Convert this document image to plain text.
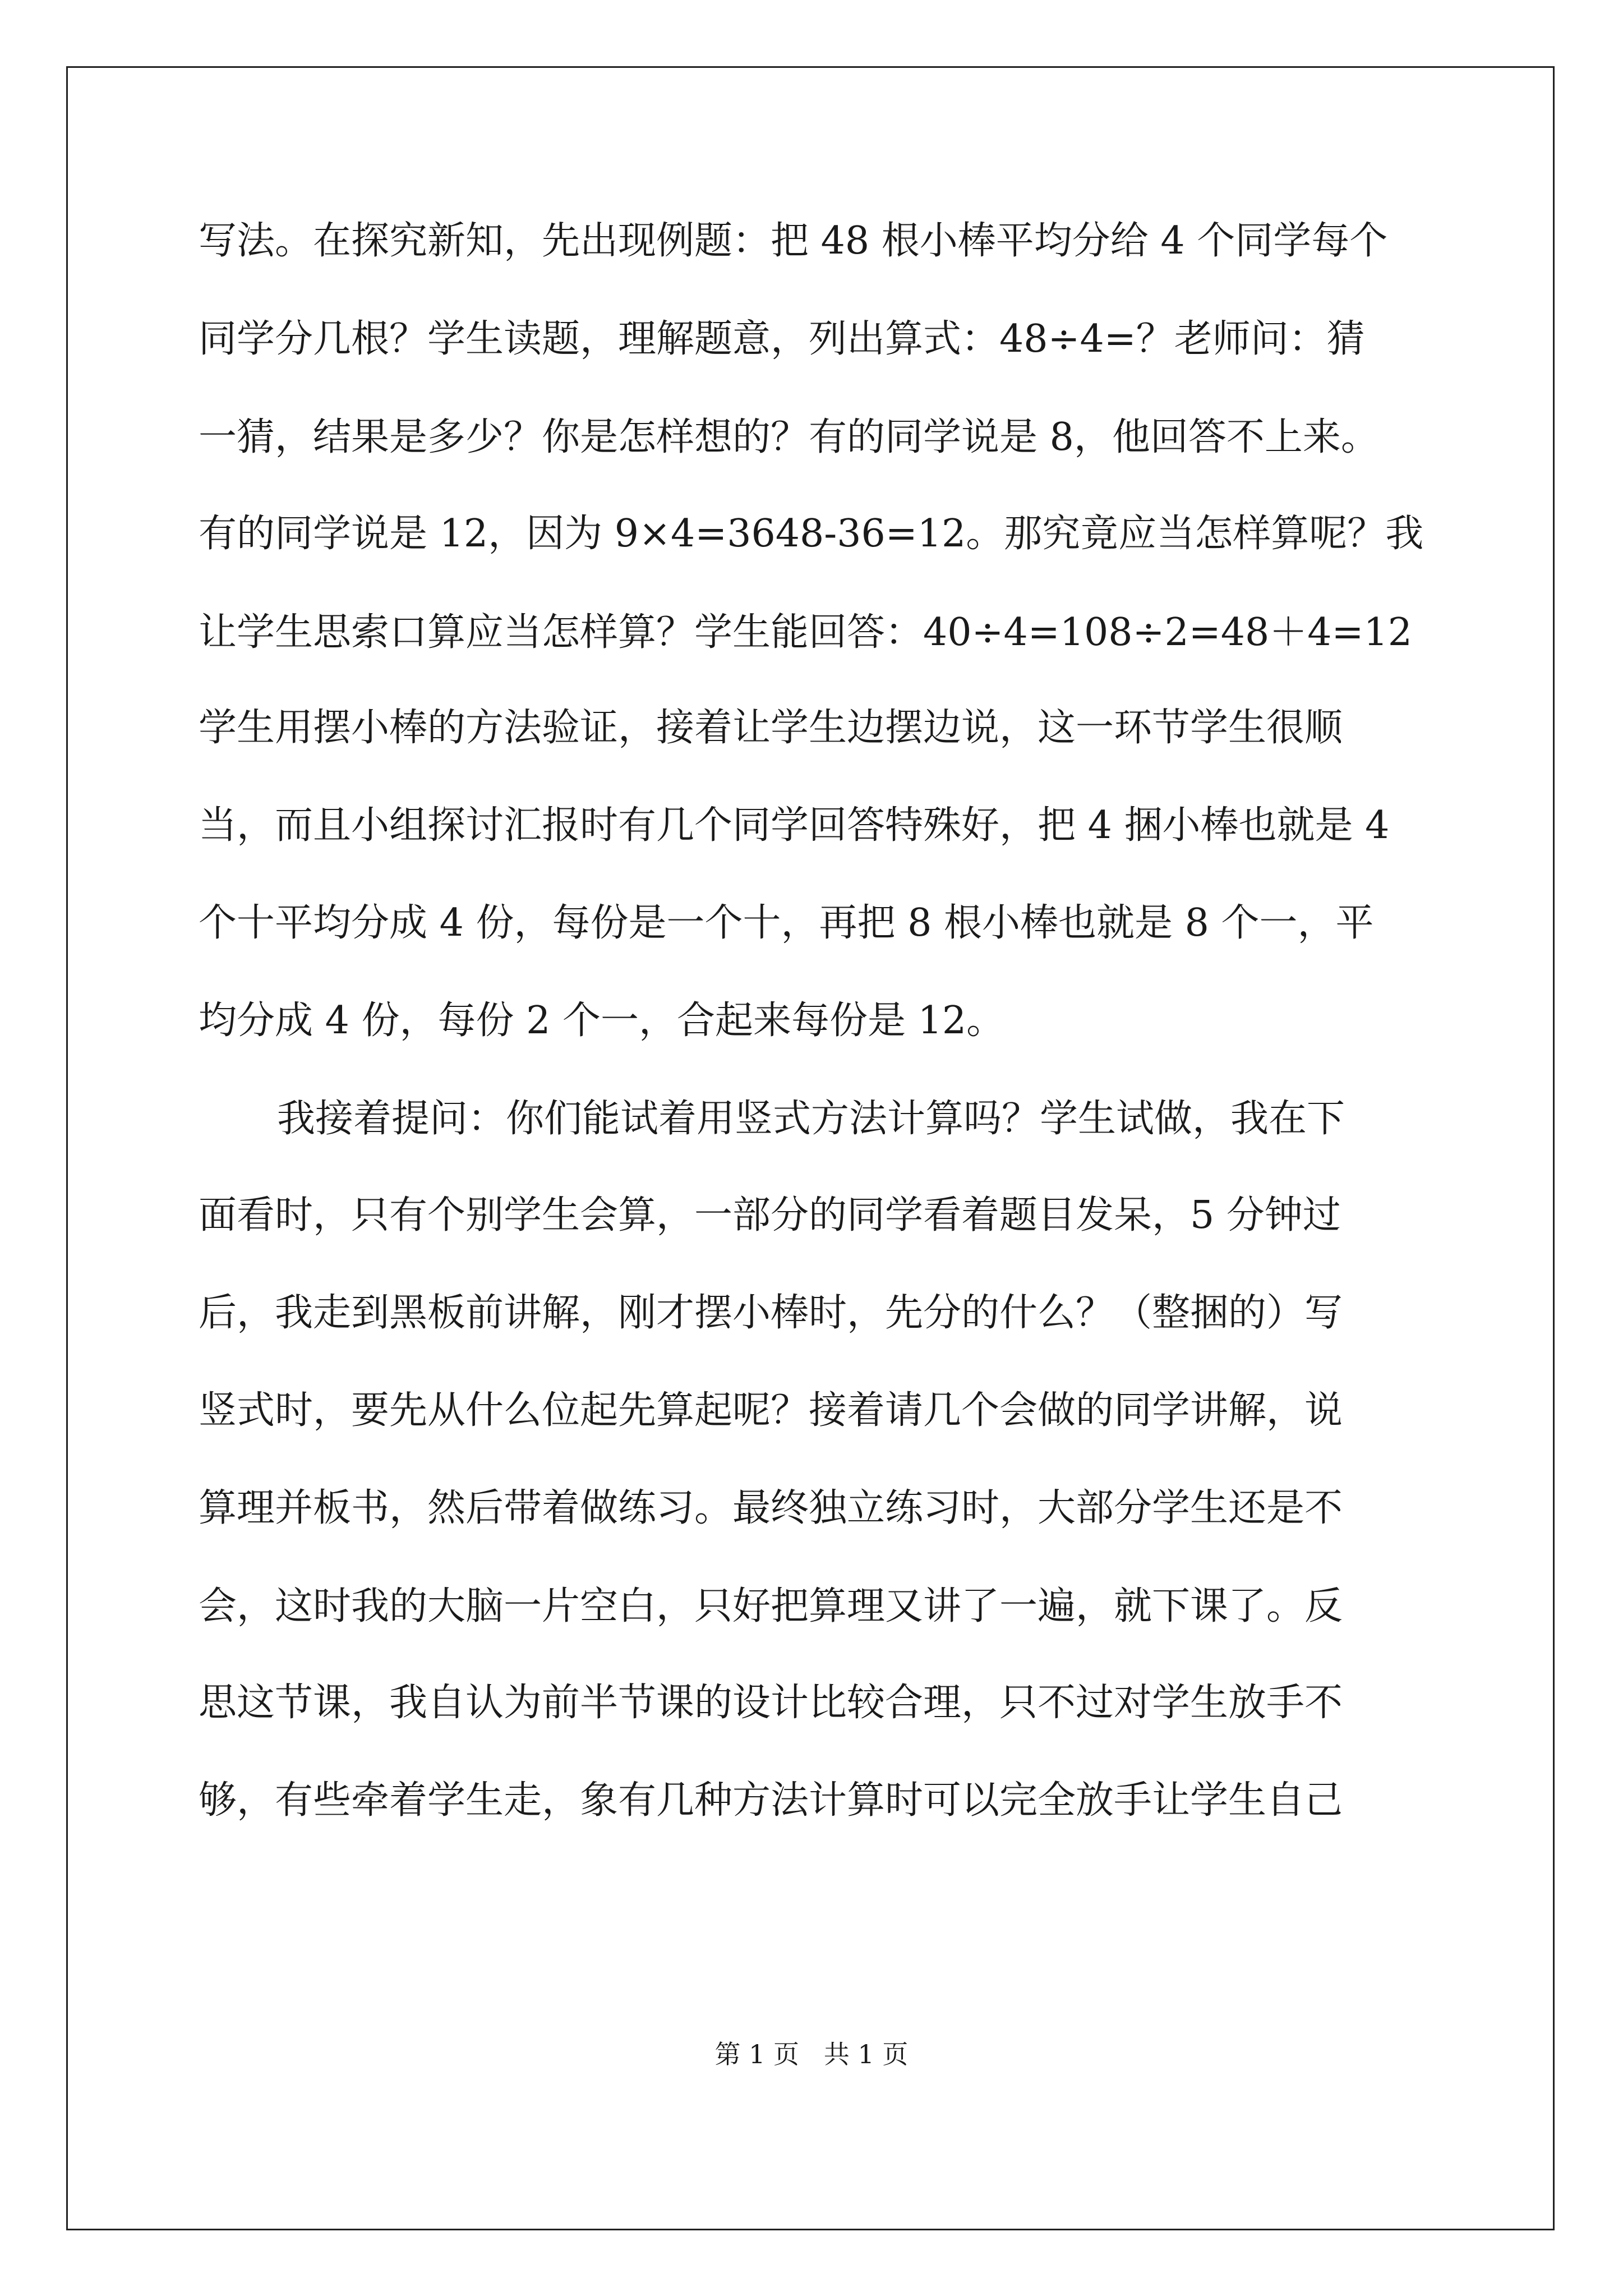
写法。在探究新知，先出现例题：把 48 根小棒平均分给 4 个同学每个

同学分几根？学生读题，理解题意，列出算式：48÷4=？老师问：猜

一猜，结果是多少？你是怎样想的？有的同学说是 8，他回答不上来。

有的同学说是 12，因为 9×4=3648-36=12。那究竟应当怎样算呢？我

让学生思索口算应当怎样算？学生能回答：40÷4=108÷2=48＋4=12

学生用摆小棒的方法验证，接着让学生边摆边说，这一环节学生很顺

当，而且小组探讨汇报时有几个同学回答特殊好，把 4 捆小棒也就是 4

个十平均分成 4 份，每份是一个十，再把 8 根小棒也就是 8 个一，平

均分成 4 份，每份 2 个一，合起来每份是 12。

我接着提问：你们能试着用竖式方法计算吗？学生试做，我在下

面看时，只有个别学生会算，一部分的同学看着题目发呆，5 分钟过

后，我走到黑板前讲解，刚才摆小棒时，先分的什么？（整捆的）写

竖式时，要先从什么位起先算起呢？接着请几个会做的同学讲解，说

算理并板书，然后带着做练习。最终独立练习时，大部分学生还是不

会，这时我的大脑一片空白，只好把算理又讲了一遍，就下课了。反

思这节课，我自认为前半节课的设计比较合理，只不过对学生放手不

够，有些牵着学生走，象有几种方法计算时可以完全放手让学生自己

第 1 页   共 1 页
